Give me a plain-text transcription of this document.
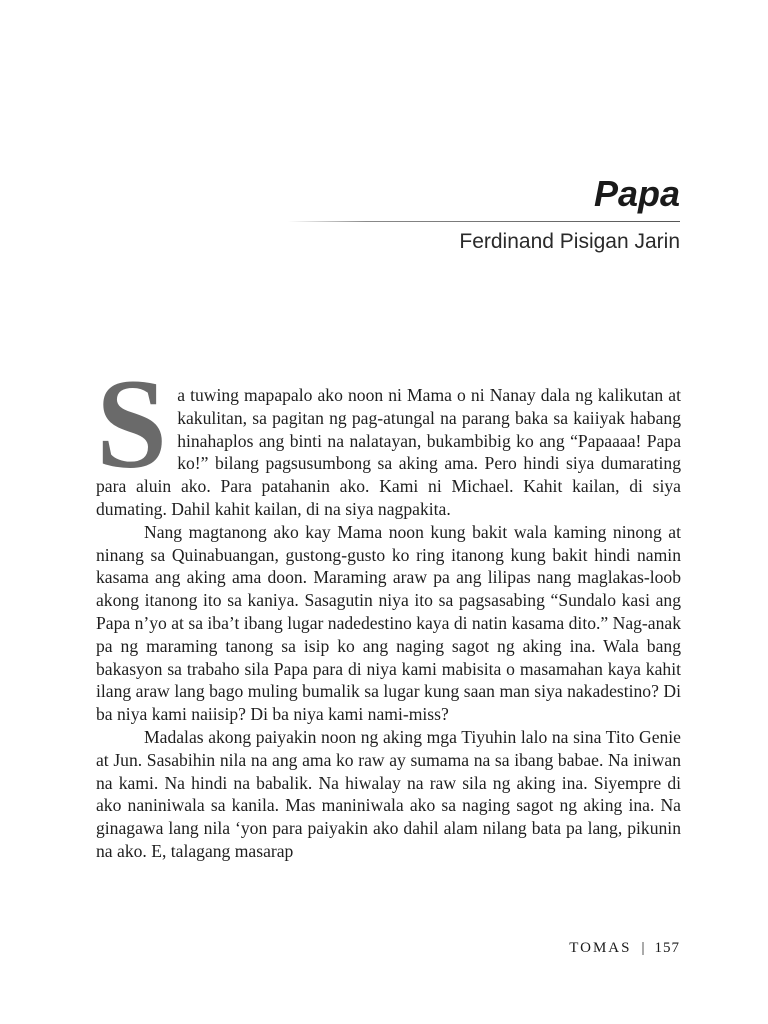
Papa
Ferdinand Pisigan Jarin

Sa tuwing mapapalo ako noon ni Mama o ni Nanay dala ng kalikutan at kakulitan, sa pagitan ng pag-atungal na parang baka sa kaiiyak habang hinahaplos ang binti na nalatayan, bukambibig ko ang “Papaaaa! Papa ko!” bilang pagsusumbong sa aking ama. Pero hindi siya dumarating para aluin ako. Para patahanin ako. Kami ni Michael. Kahit kailan, di siya dumating. Dahil kahit kailan, di na siya nagpakita.

Nang magtanong ako kay Mama noon kung bakit wala kaming ninong at ninang sa Quinabuangan, gustong-gusto ko ring itanong kung bakit hindi namin kasama ang aking ama doon. Maraming araw pa ang lilipas nang maglakas-loob akong itanong ito sa kaniya. Sasagutin niya ito sa pagsasabing “Sundalo kasi ang Papa n’yo at sa iba’t ibang lugar nadedestino kaya di natin kasama dito.” Nag-anak pa ng maraming tanong sa isip ko ang naging sagot ng aking ina. Wala bang bakasyon sa trabaho sila Papa para di niya kami mabisita o masamahan kaya kahit ilang araw lang bago muling bumalik sa lugar kung saan man siya nakadestino? Di ba niya kami naiisip? Di ba niya kami nami-miss?

Madalas akong paiyakin noon ng aking mga Tiyuhin lalo na sina Tito Genie at Jun. Sasabihin nila na ang ama ko raw ay sumama na sa ibang babae. Na iniwan na kami. Na hindi na babalik. Na hiwalay na raw sila ng aking ina. Siyempre di ako naniniwala sa kanila. Mas maniniwala ako sa naging sagot ng aking ina. Na ginagawa lang nila ‘yon para paiyakin ako dahil alam nilang bata pa lang, pikunin na ako. E, talagang masarap

TOMAS | 157
